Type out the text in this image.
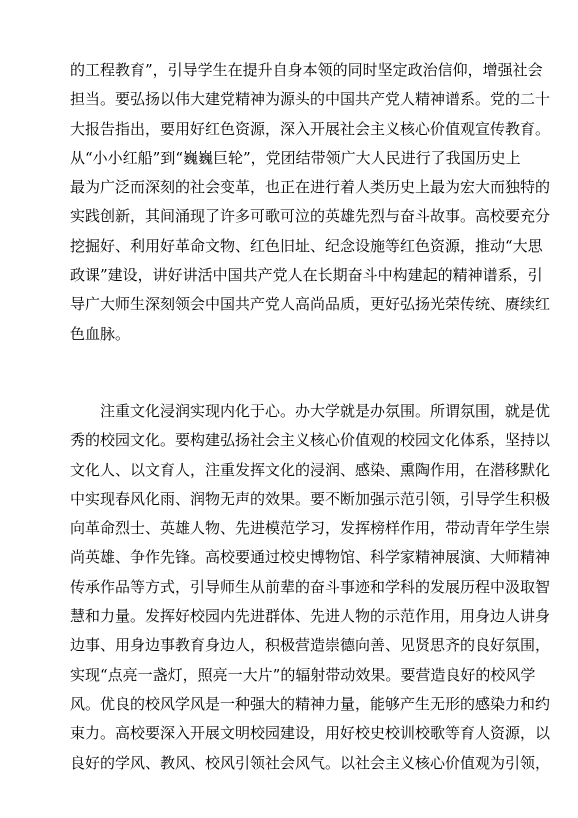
的工程教育”，引导学生在提升自身本领的同时坚定政治信仰，增强社会
担当。要弘扬以伟大建党精神为源头的中国共产党人精神谱系。党的二十
大报告指出，要用好红色资源，深入开展社会主义核心价值观宣传教育。
从“小小红船”到“巍巍巨轮”，党团结带领广大人民进行了我国历史上
最为广泛而深刻的社会变革，也正在进行着人类历史上最为宏大而独特的
实践创新，其间涌现了许多可歌可泣的英雄先烈与奋斗故事。高校要充分
挖掘好、利用好革命文物、红色旧址、纪念设施等红色资源，推动“大思
政课”建设，讲好讲活中国共产党人在长期奋斗中构建起的精神谱系，引
导广大师生深刻领会中国共产党人高尚品质，更好弘扬光荣传统、赓续红
色血脉。
　　注重文化浸润实现内化于心。办大学就是办氛围。所谓氛围，就是优
秀的校园文化。要构建弘扬社会主义核心价值观的校园文化体系，坚持以
文化人、以文育人，注重发挥文化的浸润、感染、熏陶作用，在潜移默化
中实现春风化雨、润物无声的效果。要不断加强示范引领，引导学生积极
向革命烈士、英雄人物、先进模范学习，发挥榜样作用，带动青年学生崇
尚英雄、争作先锋。高校要通过校史博物馆、科学家精神展演、大师精神
传承作品等方式，引导师生从前辈的奋斗事迹和学科的发展历程中汲取智
慧和力量。发挥好校园内先进群体、先进人物的示范作用，用身边人讲身
边事、用身边事教育身边人，积极营造崇德向善、见贤思齐的良好氛围，
实现“点亮一盏灯，照亮一大片”的辐射带动效果。要营造良好的校风学
风。优良的校风学风是一种强大的精神力量，能够产生无形的感染力和约
束力。高校要深入开展文明校园建设，用好校史校训校歌等育人资源，以
良好的学风、教风、校风引领社会风气。以社会主义核心价值观为引领，
